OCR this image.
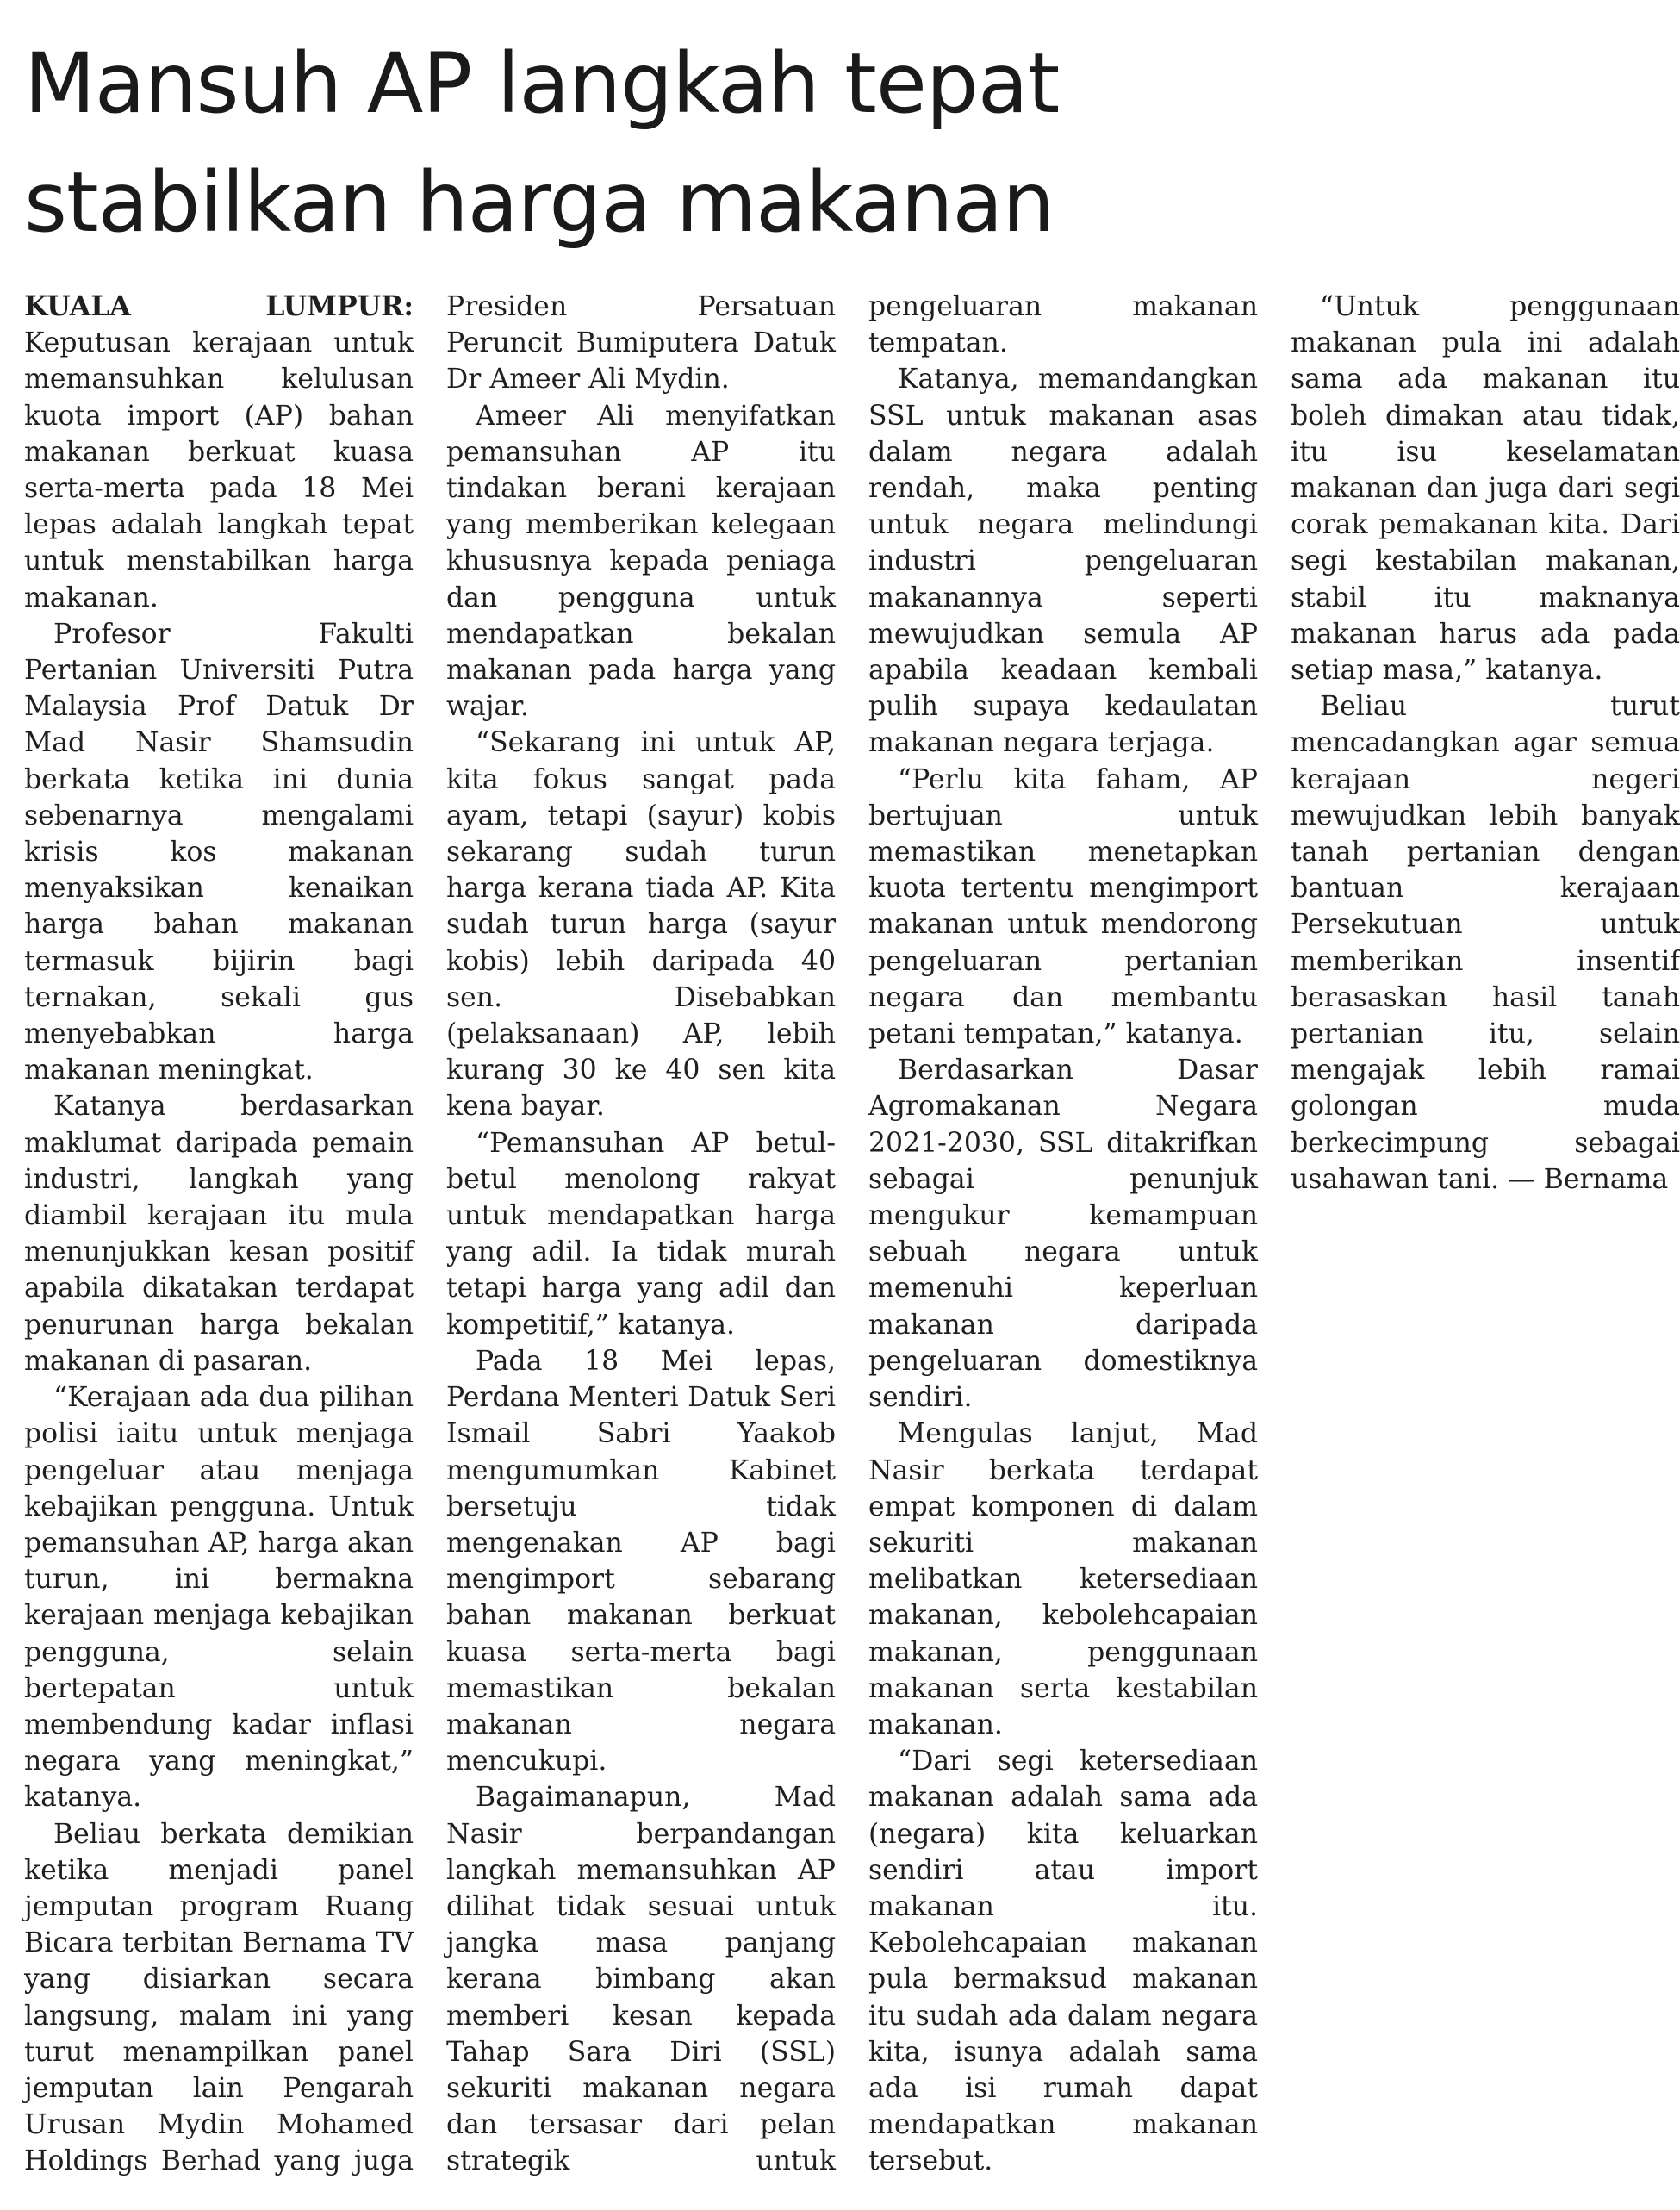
Mansuh AP langkah tepat
stabilkan harga makanan

KUALA LUMPUR: Keputusan kerajaan untuk memansuhkan kelulusan kuota import (AP) bahan makanan berkuat kuasa serta-merta pada 18 Mei lepas adalah langkah tepat untuk menstabilkan harga makanan.

Profesor Fakulti Pertanian Universiti Putra Malaysia Prof Datuk Dr Mad Nasir Shamsudin berkata ketika ini dunia sebenarnya mengalami krisis kos makanan menyaksikan kenaikan harga bahan makanan termasuk bijirin bagi ternakan, sekali gus menyebabkan harga makanan meningkat.

Katanya berdasarkan maklumat daripada pemain industri, langkah yang diambil kerajaan itu mula menunjukkan kesan positif apabila dikatakan terdapat penurunan harga bekalan makanan di pasaran.

“Kerajaan ada dua pilihan polisi iaitu untuk menjaga pengeluar atau menjaga kebajikan pengguna. Untuk pemansuhan AP, harga akan turun, ini bermakna kerajaan menjaga kebajikan pengguna, selain bertepatan untuk membendung kadar inflasi negara yang meningkat,” katanya.

Beliau berkata demikian ketika menjadi panel jemputan program Ruang Bicara terbitan Bernama TV yang disiarkan secara langsung, malam ini yang turut menampilkan panel jemputan lain Pengarah Urusan Mydin Mohamed Holdings Berhad yang juga Presiden Persatuan Peruncit Bumiputera Datuk Dr Ameer Ali Mydin.

Ameer Ali menyifatkan pemansuhan AP itu tindakan berani kerajaan yang memberikan kelegaan khususnya kepada peniaga dan pengguna untuk mendapatkan bekalan makanan pada harga yang wajar.

“Sekarang ini untuk AP, kita fokus sangat pada ayam, tetapi (sayur) kobis sekarang sudah turun harga kerana tiada AP. Kita sudah turun harga (sayur kobis) lebih daripada 40 sen. Disebabkan (pelaksanaan) AP, lebih kurang 30 ke 40 sen kita kena bayar.

“Pemansuhan AP betul-betul menolong rakyat untuk mendapatkan harga yang adil. Ia tidak murah tetapi harga yang adil dan kompetitif,” katanya.

Pada 18 Mei lepas, Perdana Menteri Datuk Seri Ismail Sabri Yaakob mengumumkan Kabinet bersetuju tidak mengenakan AP bagi mengimport sebarang bahan makanan berkuat kuasa serta-merta bagi memastikan bekalan makanan negara mencukupi.

Bagaimanapun, Mad Nasir berpandangan langkah memansuhkan AP dilihat tidak sesuai untuk jangka masa panjang kerana bimbang akan memberi kesan kepada Tahap Sara Diri (SSL) sekuriti makanan negara dan tersasar dari pelan strategik untuk pengeluaran makanan tempatan.

Katanya, memandangkan SSL untuk makanan asas dalam negara adalah rendah, maka penting untuk negara melindungi industri pengeluaran makanannya seperti mewujudkan semula AP apabila keadaan kembali pulih supaya kedaulatan makanan negara terjaga.

“Perlu kita faham, AP bertujuan untuk memastikan menetapkan kuota tertentu mengimport makanan untuk mendorong pengeluaran pertanian negara dan membantu petani tempatan,” katanya.

Berdasarkan Dasar Agromakanan Negara 2021-2030, SSL ditakrifkan sebagai penunjuk mengukur kemampuan sebuah negara untuk memenuhi keperluan makanan daripada pengeluaran domestiknya sendiri.

Mengulas lanjut, Mad Nasir berkata terdapat empat komponen di dalam sekuriti makanan melibatkan ketersediaan makanan, kebolehcapaian makanan, penggunaan makanan serta kestabilan makanan.

“Dari segi ketersediaan makanan adalah sama ada (negara) kita keluarkan sendiri atau import makanan itu. Kebolehcapaian makanan pula bermaksud makanan itu sudah ada dalam negara kita, isunya adalah sama ada isi rumah dapat mendapatkan makanan tersebut.

“Untuk penggunaan makanan pula ini adalah sama ada makanan itu boleh dimakan atau tidak, itu isu keselamatan makanan dan juga dari segi corak pemakanan kita. Dari segi kestabilan makanan, stabil itu maknanya makanan harus ada pada setiap masa,” katanya.

Beliau turut mencadangkan agar semua kerajaan negeri mewujudkan lebih banyak tanah pertanian dengan bantuan kerajaan Persekutuan untuk memberikan insentif berasaskan hasil tanah pertanian itu, selain mengajak lebih ramai golongan muda berkecimpung sebagai usahawan tani. — Bernama
